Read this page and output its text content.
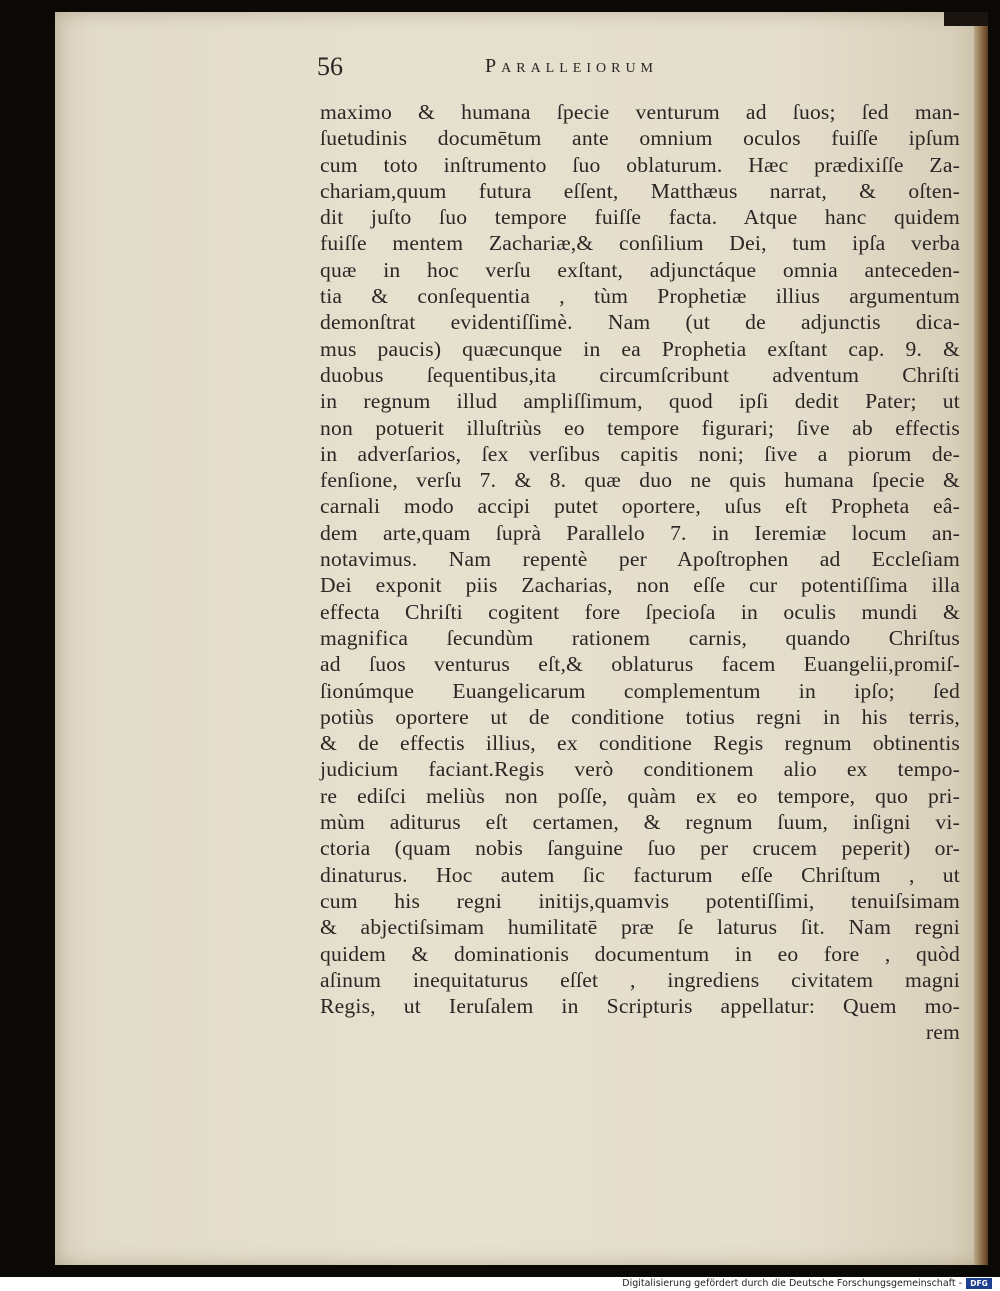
56	Paralleiorum
maximo & humana ſpecie venturum ad ſuos; ſed man-
ſuetudinis documētum ante omnium oculos fuiſſe ipſum
cum toto inſtrumento ſuo oblaturum. Hæc prædixiſſe Za-
chariam,quum futura eſſent, Matthæus narrat, & oſten-
dit juſto ſuo tempore fuiſſe facta. Atque hanc quidem
fuiſſe mentem Zachariæ,& conſilium Dei, tum ipſa verba
quæ in hoc verſu exſtant, adjunctáque omnia anteceden-
tia & conſequentia , tùm Prophetiæ illius argumentum
demonſtrat evidentiſſimè. Nam (ut de adjunctis dica-
mus paucis) quæcunque in ea Prophetia exſtant cap. 9. &
duobus ſequentibus,ita circumſcribunt adventum Chriſti
in regnum illud ampliſſimum, quod ipſi dedit Pater; ut
non potuerit illuſtriùs eo tempore figurari; ſive ab effectis
in adverſarios, ſex verſibus capitis noni; ſive a piorum de-
fenſione, verſu 7. & 8. quæ duo ne quis humana ſpecie &
carnali modo accipi putet oportere, uſus eſt Propheta eâ-
dem arte,quam ſuprà Parallelo 7. in Ieremiæ locum an-
notavimus. Nam repentè per Apoſtrophen ad Eccleſiam
Dei exponit piis Zacharias, non eſſe cur potentiſſima illa
effecta Chriſti cogitent fore ſpecioſa in oculis mundi &
magnifica ſecundùm rationem carnis, quando Chriſtus
ad ſuos venturus eſt,& oblaturus facem Euangelii,promiſ-
ſionúmque Euangelicarum complementum in ipſo; ſed
potiùs oportere ut de conditione totius regni in his terris,
& de effectis illius, ex conditione Regis regnum obtinentis
judicium faciant.Regis verò conditionem alio ex tempo-
re ediſci meliùs non poſſe, quàm ex eo tempore, quo pri-
mùm aditurus eſt certamen, & regnum ſuum, inſigni vi-
ctoria (quam nobis ſanguine ſuo per crucem peperit) or-
dinaturus. Hoc autem ſic facturum eſſe Chriſtum , ut
cum his regni initijs,quamvis potentiſſimi, tenuiſsimam
& abjectiſsimam humilitatē præ ſe laturus ſit. Nam regni
quidem & dominationis documentum in eo fore , quòd
aſinum inequitaturus eſſet , ingrediens civitatem magni
Regis, ut Ieruſalem in Scripturis appellatur: Quem mo-
rem
Digitalisierung gefördert durch die Deutsche Forschungsgemeinschaft -	DFG
